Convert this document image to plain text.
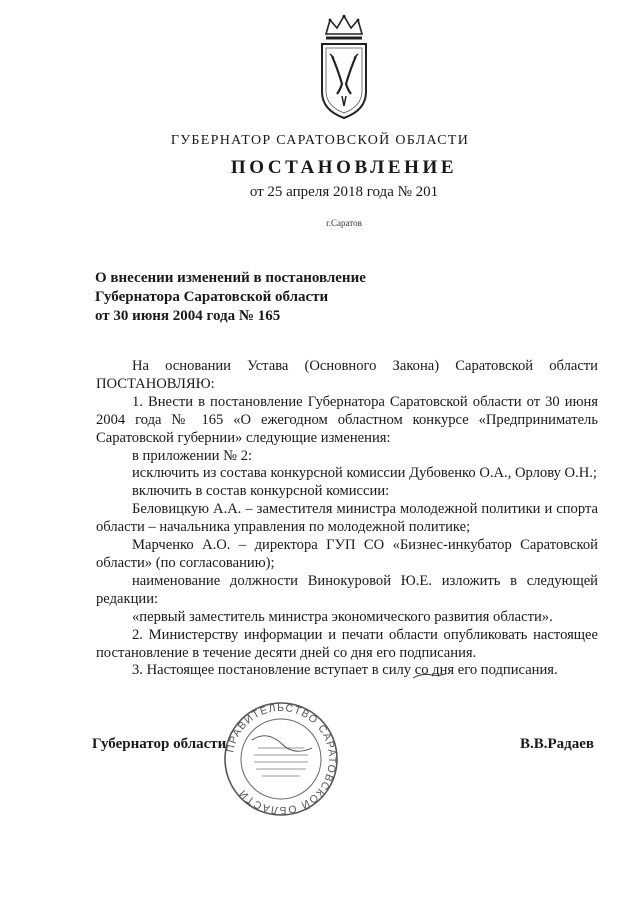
ГУБЕРНАТОР САРАТОВСКОЙ ОБЛАСТИ
ПОСТАНОВЛЕНИЕ
от 25 апреля 2018 года № 201
г.Саратов
О внесении изменений в постановление
Губернатора Саратовской области
от 30 июня 2004 года № 165
На основании Устава (Основного Закона) Саратовской области ПОСТАНОВЛЯЮ:
1. Внести в постановление Губернатора Саратовской области от 30 июня 2004 года № 165 «О ежегодном областном конкурсе «Предприниматель Саратовской губернии» следующие изменения:
в приложении № 2:
исключить из состава конкурсной комиссии Дубовенко О.А., Орлову О.Н.;
включить в состав конкурсной комиссии:
Беловицкую А.А. – заместителя министра молодежной политики и спорта области – начальника управления по молодежной политике;
Марченко А.О. – директора ГУП СО «Бизнес-инкубатор Саратовской области» (по согласованию);
наименование должности Винокуровой Ю.Е. изложить в следующей редакции:
«первый заместитель министра экономического развития области».
2. Министерству информации и печати области опубликовать настоящее постановление в течение десяти дней со дня его подписания.
3. Настоящее постановление вступает в силу со дня его подписания.
ПРАВИТЕЛЬСТВО САРАТОВСКОЙ ОБЛАСТИ
Губернатор области	В.В.Радаев
